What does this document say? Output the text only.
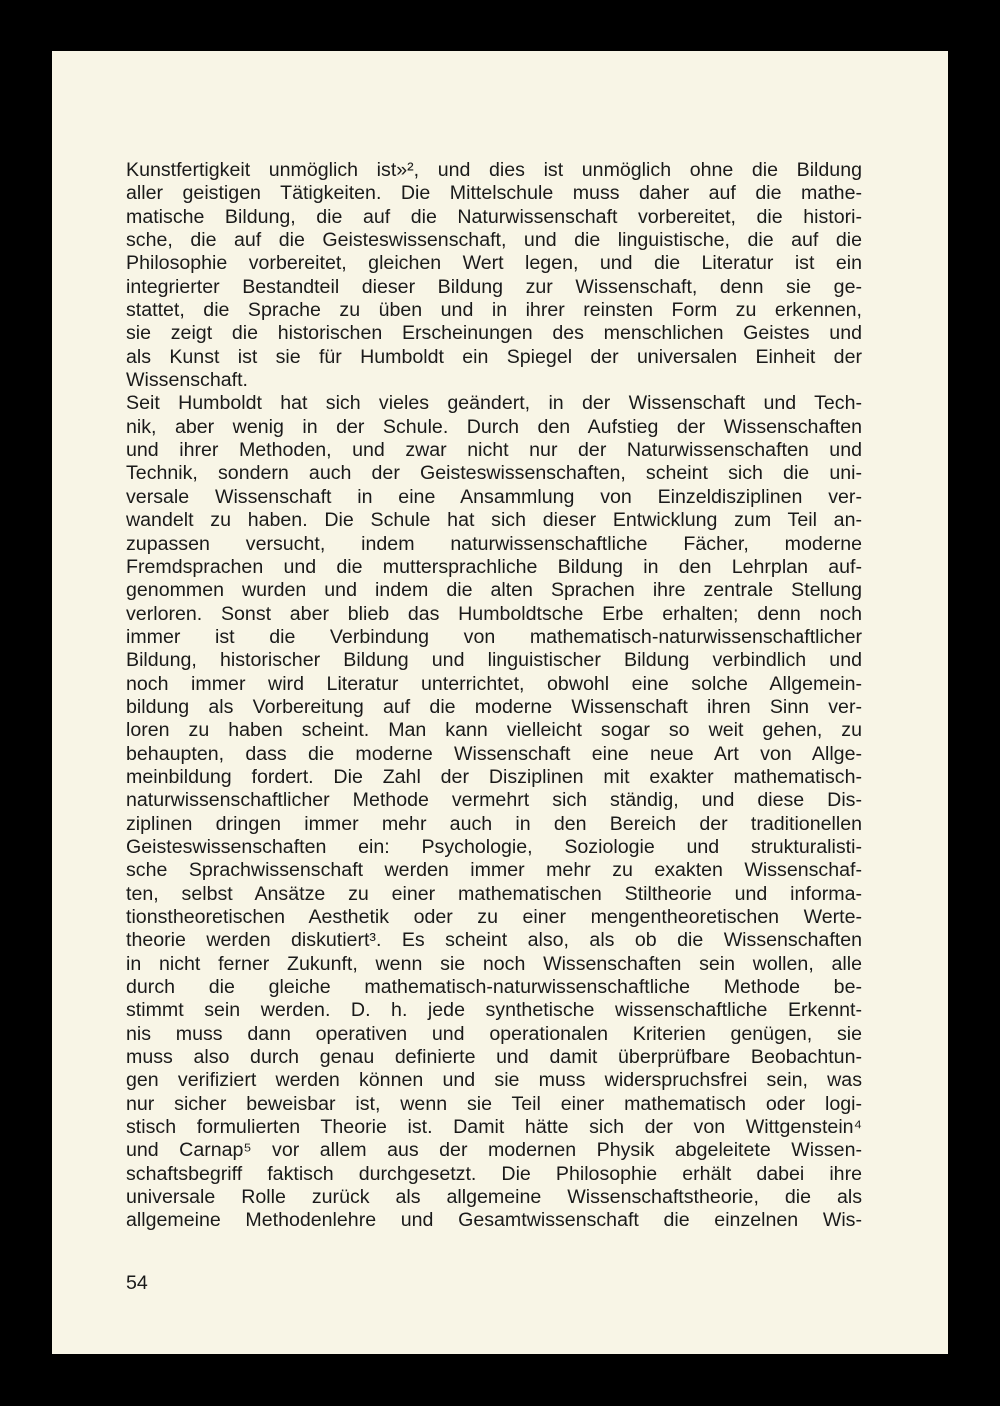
Kunstfertigkeit unmöglich ist»², und dies ist unmöglich ohne die Bildung
aller geistigen Tätigkeiten. Die Mittelschule muss daher auf die mathe-
matische Bildung, die auf die Naturwissenschaft vorbereitet, die histori-
sche, die auf die Geisteswissenschaft, und die linguistische, die auf die
Philosophie vorbereitet, gleichen Wert legen, und die Literatur ist ein
integrierter Bestandteil dieser Bildung zur Wissenschaft, denn sie ge-
stattet, die Sprache zu üben und in ihrer reinsten Form zu erkennen,
sie zeigt die historischen Erscheinungen des menschlichen Geistes und
als Kunst ist sie für Humboldt ein Spiegel der universalen Einheit der
Wissenschaft.
Seit Humboldt hat sich vieles geändert, in der Wissenschaft und Tech-
nik, aber wenig in der Schule. Durch den Aufstieg der Wissenschaften
und ihrer Methoden, und zwar nicht nur der Naturwissenschaften und
Technik, sondern auch der Geisteswissenschaften, scheint sich die uni-
versale Wissenschaft in eine Ansammlung von Einzeldisziplinen ver-
wandelt zu haben. Die Schule hat sich dieser Entwicklung zum Teil an-
zupassen versucht, indem naturwissenschaftliche Fächer, moderne
Fremdsprachen und die muttersprachliche Bildung in den Lehrplan auf-
genommen wurden und indem die alten Sprachen ihre zentrale Stellung
verloren. Sonst aber blieb das Humboldtsche Erbe erhalten; denn noch
immer ist die Verbindung von mathematisch-naturwissenschaftlicher
Bildung, historischer Bildung und linguistischer Bildung verbindlich und
noch immer wird Literatur unterrichtet, obwohl eine solche Allgemein-
bildung als Vorbereitung auf die moderne Wissenschaft ihren Sinn ver-
loren zu haben scheint. Man kann vielleicht sogar so weit gehen, zu
behaupten, dass die moderne Wissenschaft eine neue Art von Allge-
meinbildung fordert. Die Zahl der Disziplinen mit exakter mathematisch-
naturwissenschaftlicher Methode vermehrt sich ständig, und diese Dis-
ziplinen dringen immer mehr auch in den Bereich der traditionellen
Geisteswissenschaften ein: Psychologie, Soziologie und strukturalisti-
sche Sprachwissenschaft werden immer mehr zu exakten Wissenschaf-
ten, selbst Ansätze zu einer mathematischen Stiltheorie und informa-
tionstheoretischen Aesthetik oder zu einer mengentheoretischen Werte-
theorie werden diskutiert³. Es scheint also, als ob die Wissenschaften
in nicht ferner Zukunft, wenn sie noch Wissenschaften sein wollen, alle
durch die gleiche mathematisch-naturwissenschaftliche Methode be-
stimmt sein werden. D. h. jede synthetische wissenschaftliche Erkennt-
nis muss dann operativen und operationalen Kriterien genügen, sie
muss also durch genau definierte und damit überprüfbare Beobachtun-
gen verifiziert werden können und sie muss widerspruchsfrei sein, was
nur sicher beweisbar ist, wenn sie Teil einer mathematisch oder logi-
stisch formulierten Theorie ist. Damit hätte sich der von Wittgenstein⁴
und Carnap⁵ vor allem aus der modernen Physik abgeleitete Wissen-
schaftsbegriff faktisch durchgesetzt. Die Philosophie erhält dabei ihre
universale Rolle zurück als allgemeine Wissenschaftstheorie, die als
allgemeine Methodenlehre und Gesamtwissenschaft die einzelnen Wis-
54
